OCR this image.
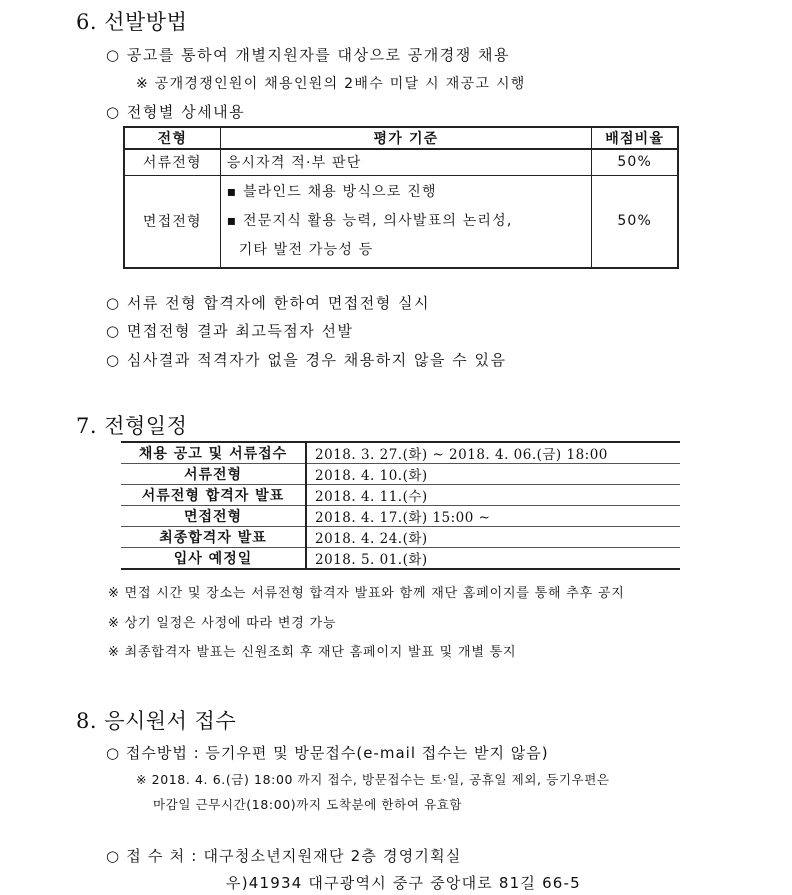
6. 선발방법
○ 공고를 통하여 개별지원자를 대상으로 공개경쟁 채용
※ 공개경쟁인원이 채용인원의 2배수 미달 시 재공고 시행
○ 전형별 상세내용
전형	평가 기준	배점비율
서류전형	응시자격 적·부 판단	50%
면접전형	▪ 블라인드 채용 방식으로 진행
▪ 전문지식 활용 능력, 의사발표의 논리성,
기타 발전 가능성 등	50%
○ 서류 전형 합격자에 한하여 면접전형 실시
○ 면접전형 결과 최고득점자 선발
○ 심사결과 적격자가 없을 경우 채용하지 않을 수 있음
7. 전형일정
채용 공고 및 서류접수	2018. 3. 27.(화) ~ 2018. 4. 06.(금) 18:00
서류전형	2018. 4. 10.(화)
서류전형 합격자 발표	2018. 4. 11.(수)
면접전형	2018. 4. 17.(화) 15:00 ~
최종합격자 발표	2018. 4. 24.(화)
입사 예정일	2018. 5. 01.(화)
※ 면접 시간 및 장소는 서류전형 합격자 발표와 함께 재단 홈페이지를 통해 추후 공지
※ 상기 일정은 사정에 따라 변경 가능
※ 최종합격자 발표는 신원조회 후 재단 홈페이지 발표 및 개별 통지
8. 응시원서 접수
○ 접수방법 : 등기우편 및 방문접수(e-mail 접수는 받지 않음)
※ 2018. 4. 6.(금) 18:00 까지 접수, 방문접수는 토·일, 공휴일 제외, 등기우편은
마감일 근무시간(18:00)까지 도착분에 한하여 유효함
○ 접 수 처 : 대구청소년지원재단 2층 경영기획실
우)41934 대구광역시 중구 중앙대로 81길 66-5
